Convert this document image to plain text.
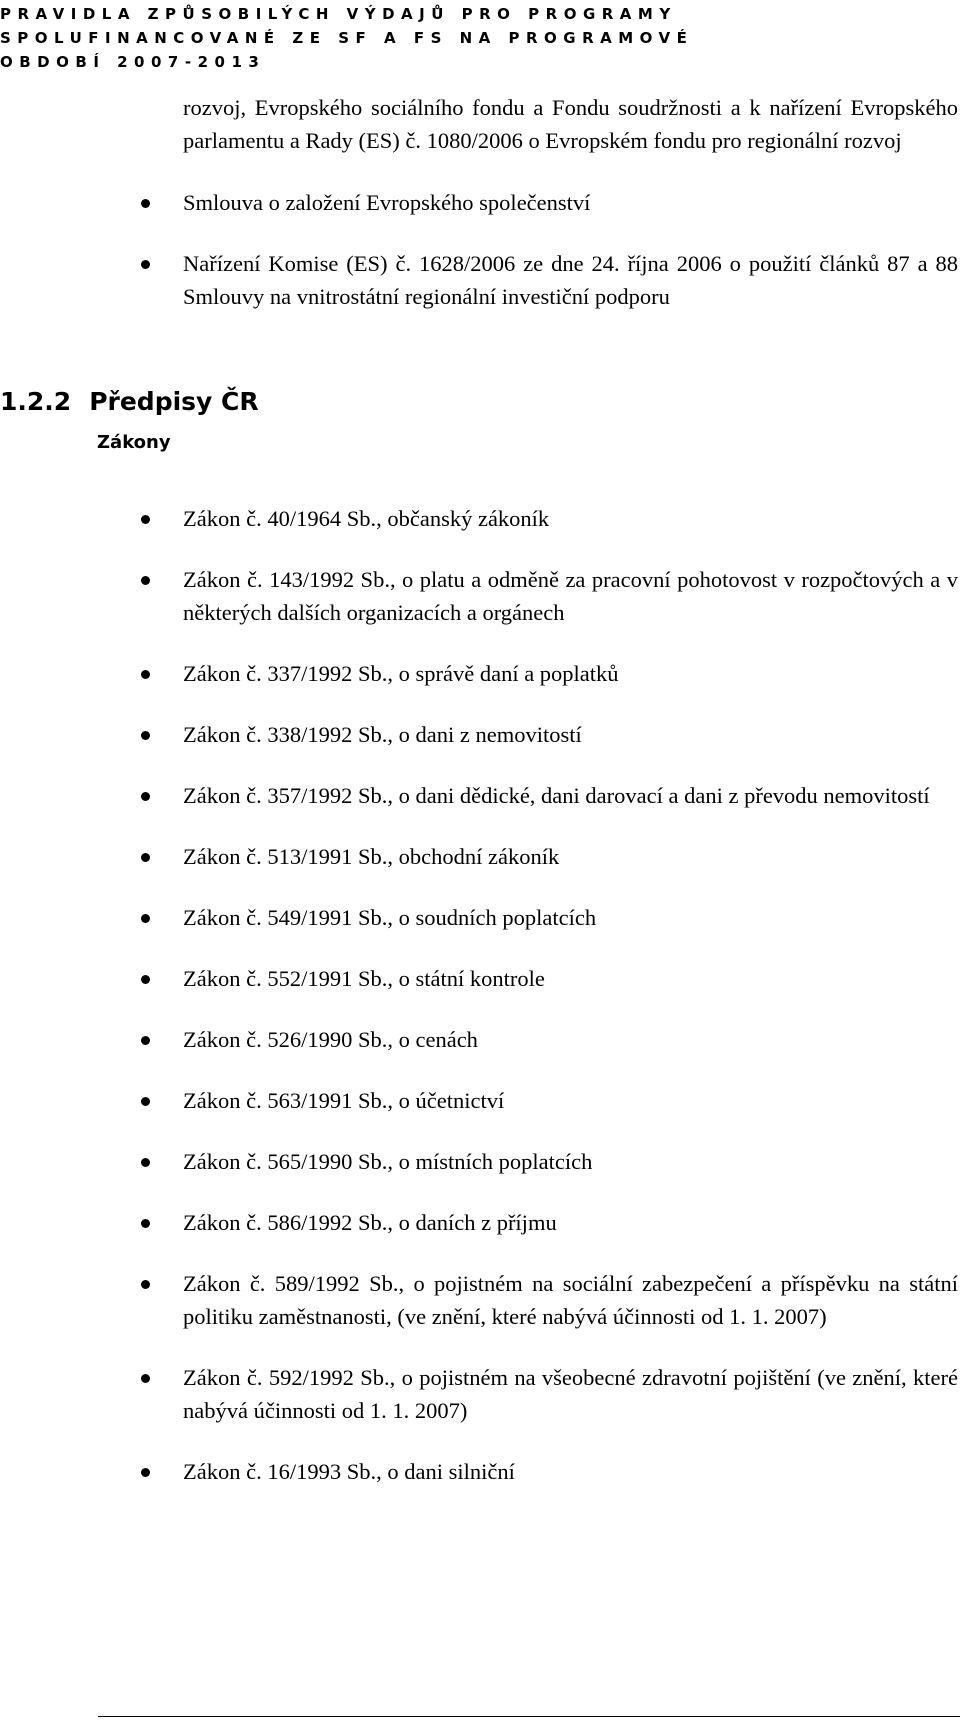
PRAVIDLA ZPŮSOBILÝCH VÝDAJŮ PRO PROGRAMY

SPOLUFINANCOVANÉ ZE SF A FS NA PROGRAMOVÉ

OBDOBÍ 2007-2013

rozvoj, Evropského sociálního fondu a Fondu soudržnosti a k nařízení Evropského parlamentu a Rady (ES) č. 1080/2006 o Evropském fondu pro regionální rozvoj
Smlouva o založení Evropského společenství
Nařízení Komise (ES) č. 1628/2006 ze dne 24. října 2006 o použití článků 87 a 88 Smlouvy na vnitrostátní regionální investiční podporu
1.2.2 Předpisy ČR
Zákony
Zákon č. 40/1964 Sb., občanský zákoník
Zákon č. 143/1992 Sb., o platu a odměně za pracovní pohotovost v rozpočtových a v některých dalších organizacích a orgánech
Zákon č. 337/1992 Sb., o správě daní a poplatků
Zákon č. 338/1992 Sb., o dani z nemovitostí
Zákon č. 357/1992 Sb., o dani dědické, dani darovací a dani z převodu nemovitostí
Zákon č. 513/1991 Sb., obchodní zákoník
Zákon č. 549/1991 Sb., o soudních poplatcích
Zákon č. 552/1991 Sb., o státní kontrole
Zákon č. 526/1990 Sb., o cenách
Zákon č. 563/1991 Sb., o účetnictví
Zákon č. 565/1990 Sb., o místních poplatcích
Zákon č. 586/1992 Sb., o daních z příjmu
Zákon č. 589/1992 Sb., o pojistném na sociální zabezpečení a příspěvku na státní politiku zaměstnanosti, (ve znění, které nabývá účinnosti od 1. 1. 2007)
Zákon č. 592/1992 Sb., o pojistném na všeobecné zdravotní pojištění (ve znění, které nabývá účinnosti od 1. 1. 2007)
Zákon č. 16/1993 Sb., o dani silniční
